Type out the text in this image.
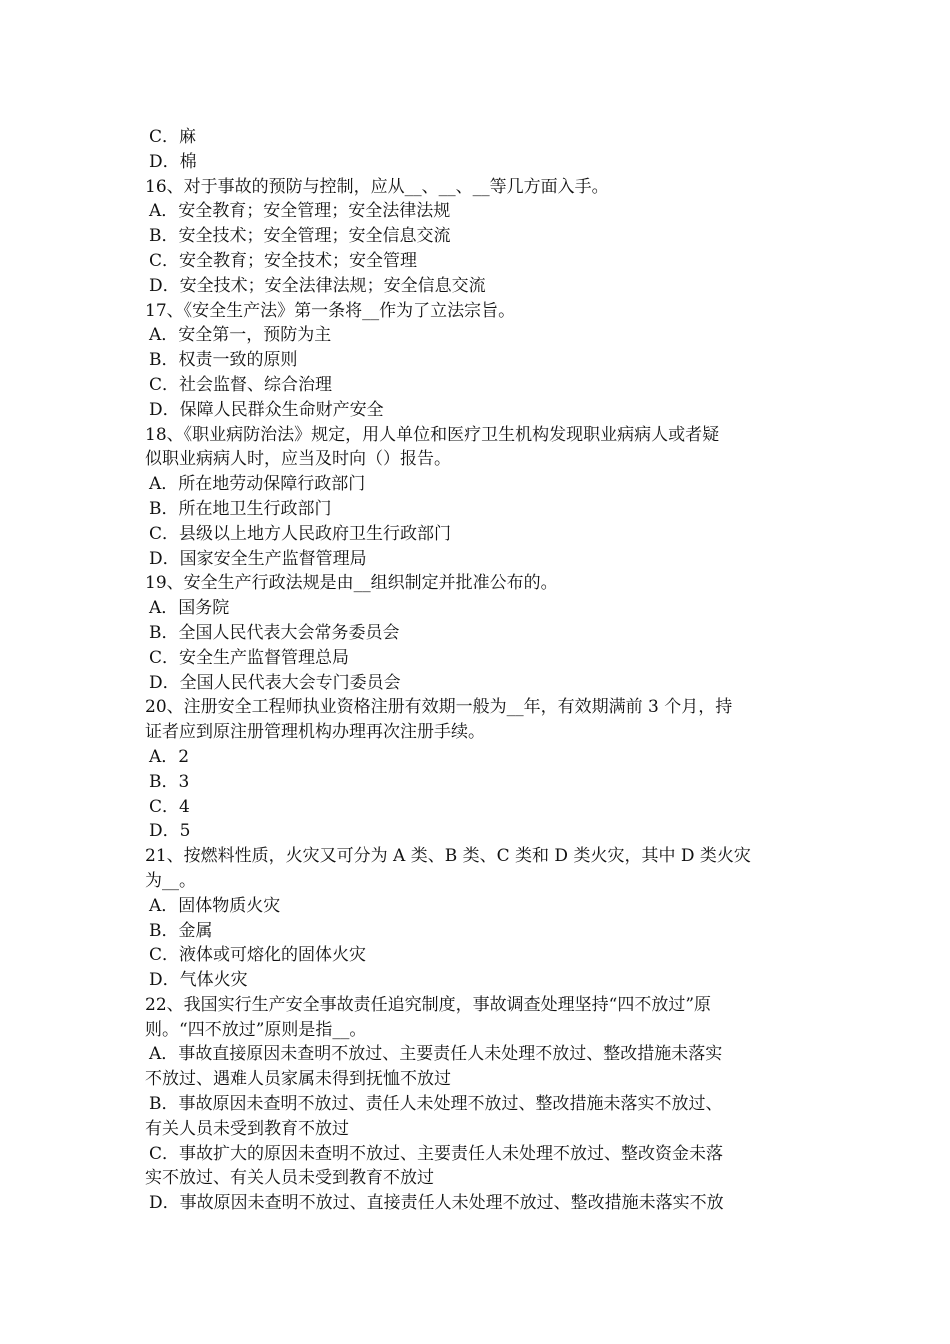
C．麻
D．棉
16、对于事故的预防与控制，应从__、__、__等几方面入手。
A．安全教育；安全管理；安全法律法规
B．安全技术；安全管理；安全信息交流
C．安全教育；安全技术；安全管理
D．安全技术；安全法律法规；安全信息交流
17、《安全生产法》第一条将__作为了立法宗旨。
A．安全第一，预防为主
B．权责一致的原则
C．社会监督、综合治理
D．保障人民群众生命财产安全
18、《职业病防治法》规定，用人单位和医疗卫生机构发现职业病病人或者疑
似职业病病人时，应当及时向（）报告。
A．所在地劳动保障行政部门
B．所在地卫生行政部门
C．县级以上地方人民政府卫生行政部门
D．国家安全生产监督管理局
19、安全生产行政法规是由__组织制定并批准公布的。
A．国务院
B．全国人民代表大会常务委员会
C．安全生产监督管理总局
D．全国人民代表大会专门委员会
20、注册安全工程师执业资格注册有效期一般为__年，有效期满前 3 个月，持
证者应到原注册管理机构办理再次注册手续。
A．2
B．3
C．4
D．5
21、按燃料性质，火灾又可分为 A 类、B 类、C 类和 D 类火灾，其中 D 类火灾
为__。
A．固体物质火灾
B．金属
C．液体或可熔化的固体火灾
D．气体火灾
22、我国实行生产安全事故责任追究制度，事故调查处理坚持“四不放过”原
则。“四不放过”原则是指__。
A．事故直接原因未查明不放过、主要责任人未处理不放过、整改措施未落实
不放过、遇难人员家属未得到抚恤不放过
B．事故原因未查明不放过、责任人未处理不放过、整改措施未落实不放过、
有关人员未受到教育不放过
C．事故扩大的原因未查明不放过、主要责任人未处理不放过、整改资金未落
实不放过、有关人员未受到教育不放过
D．事故原因未查明不放过、直接责任人未处理不放过、整改措施未落实不放
